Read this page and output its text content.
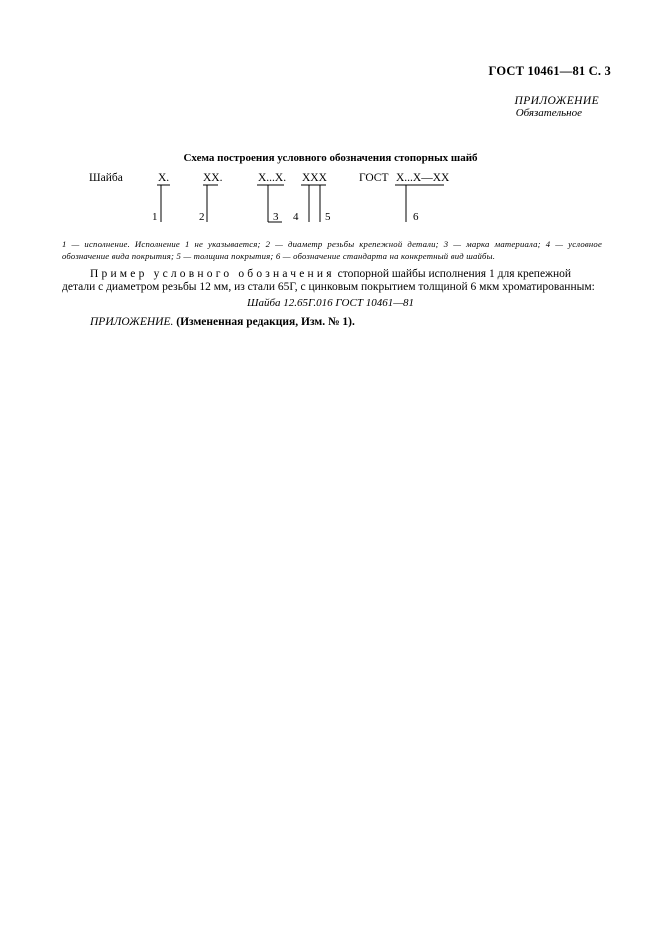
ГОСТ 10461—81 С. 3
ПРИЛОЖЕНИЕ
Обязательное
Схема построения условного обозначения стопорных шайб
Шайба	Х.	ХХ.	Х...Х. ХХХ	ГОСТ Х...Х—ХХ
1	2	3 4 5	6
1 — исполнение. Исполнение 1 не указывается; 2 — диаметр резьбы крепежной детали; 3 — марка материала; 4 — условное обозначение вида покрытия; 5 — толщина покрытия; 6 — обозначение стандарта на конкретный вид шайбы.
Пример условного обозначения стопорной шайбы исполнения 1 для крепежной детали с диаметром резьбы 12 мм, из стали 65Г, с цинковым покрытием толщиной 6 мкм хроматированным:
Шайба 12.65Г.016 ГОСТ 10461—81
ПРИЛОЖЕНИЕ. (Измененная редакция, Изм. № 1).
